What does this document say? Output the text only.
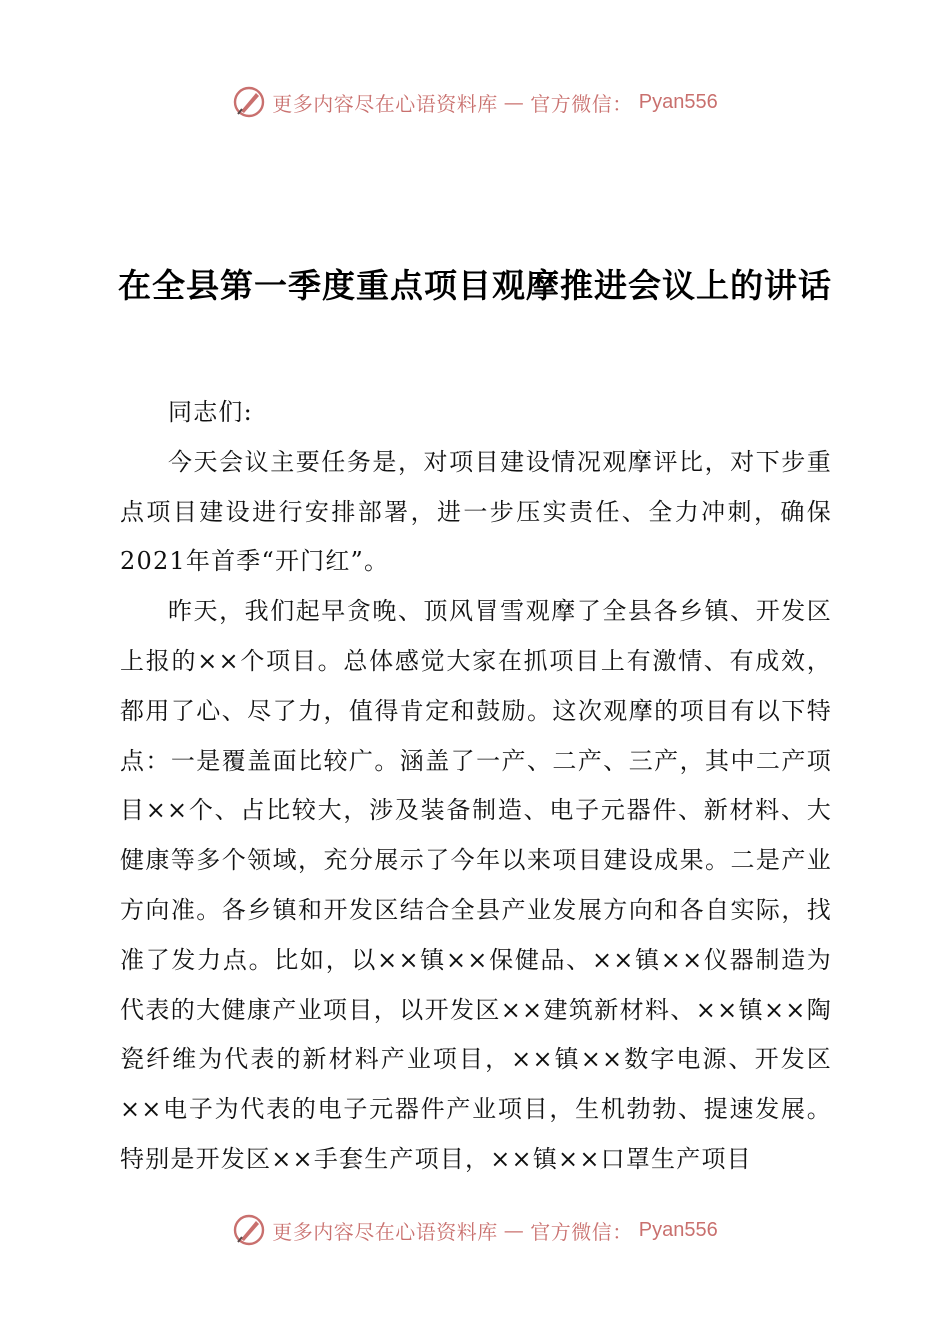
更多内容尽在心语资料库 — 官方微信： Pyan556
在全县第一季度重点项目观摩推进会议上的讲话

同志们:

今天会议主要任务是，对项目建设情况观摩评比，对下步重点项目建设进行安排部署，进一步压实责任、全力冲刺，确保2021年首季“开门红”。

昨天，我们起早贪晚、顶风冒雪观摩了全县各乡镇、开发区上报的××个项目。总体感觉大家在抓项目上有激情、有成效，都用了心、尽了力，值得肯定和鼓励。这次观摩的项目有以下特点：一是覆盖面比较广。涵盖了一产、二产、三产，其中二产项目××个、占比较大，涉及装备制造、电子元器件、新材料、大健康等多个领域，充分展示了今年以来项目建设成果。二是产业方向准。各乡镇和开发区结合全县产业发展方向和各自实际，找准了发力点。比如，以××镇××保健品、××镇××仪器制造为代表的大健康产业项目，以开发区××建筑新材料、××镇××陶瓷纤维为代表的新材料产业项目，××镇××数字电源、开发区××电子为代表的电子元器件产业项目，生机勃勃、提速发展。特别是开发区××手套生产项目，××镇××口罩生产项目

更多内容尽在心语资料库 — 官方微信： Pyan556
